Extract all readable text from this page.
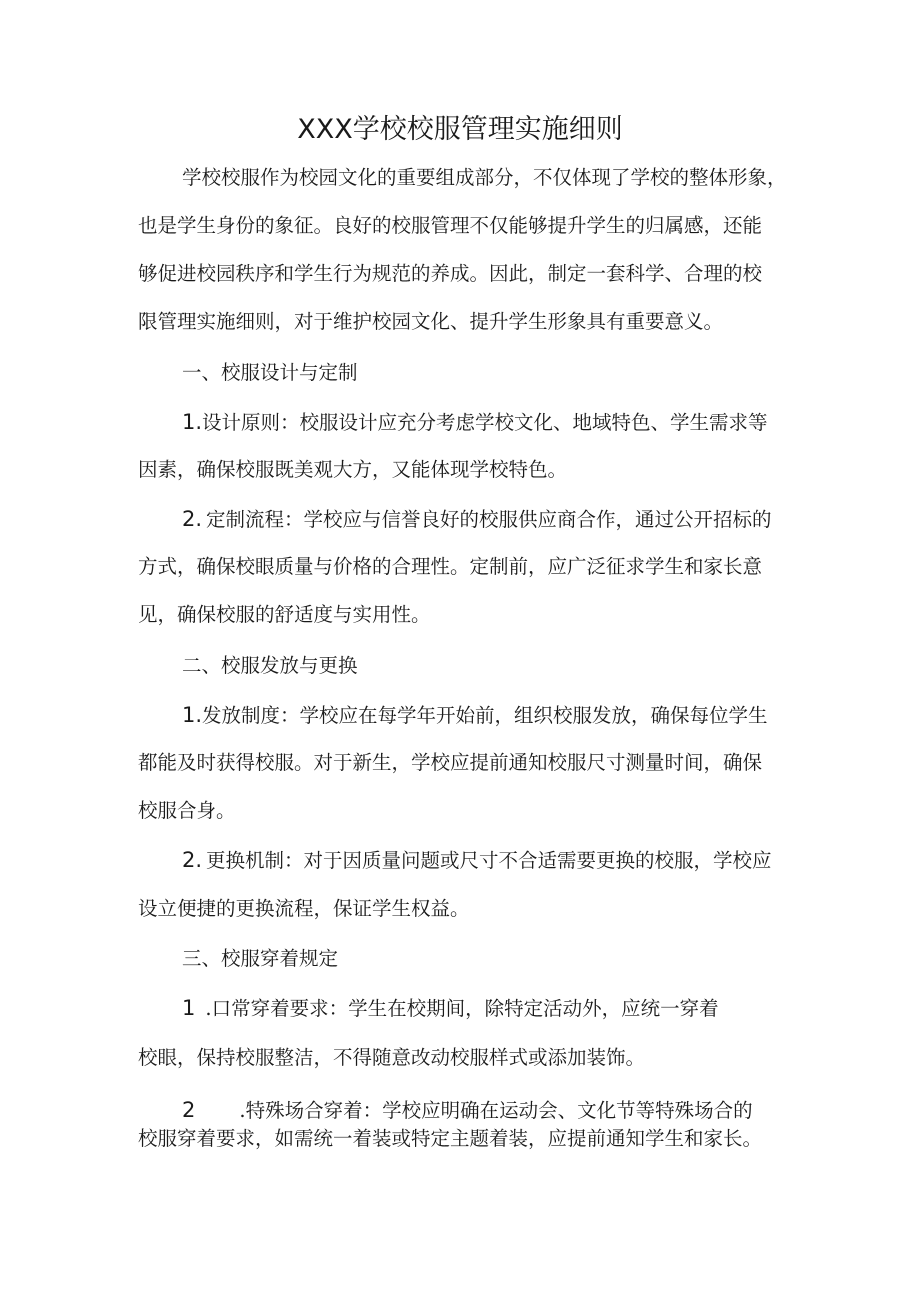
XXX学校校服管理实施细则
学校校服作为校园文化的重要组成部分，不仅体现了学校的整体形象，
也是学生身份的象征。良好的校服管理不仅能够提升学生的归属感，还能
够促进校园秩序和学生行为规范的养成。因此，制定一套科学、合理的校
限管理实施细则，对于维护校园文化、提升学生形象具有重要意义。
一、校服设计与定制
1.设计原则：校服设计应充分考虑学校文化、地域特色、学生需求等
因素，确保校服既美观大方，又能体现学校特色。
2. 定制流程：学校应与信誉良好的校服供应商合作，通过公开招标的
方式，确保校眼质量与价格的合理性。定制前，应广泛征求学生和家长意
见，确保校服的舒适度与实用性。
二、校服发放与更换
1.发放制度：学校应在每学年开始前，组织校服发放，确保每位学生
都能及时获得校服。对于新生，学校应提前通知校服尺寸测量时间，确保
校服合身。
2. 更换机制：对于因质量问题或尺寸不合适需要更换的校服，学校应
设立便捷的更换流程，保证学生权益。
三、校服穿着规定
1 .口常穿着要求：学生在校期间，除特定活动外，应统一穿着
校眼，保持校服整洁，不得随意改动校服样式或添加装饰。
2 .特殊场合穿着：学校应明确在运动会、文化节等特殊场合的
校服穿着要求，如需统一着装或特定主题着装，应提前通知学生和家长。
